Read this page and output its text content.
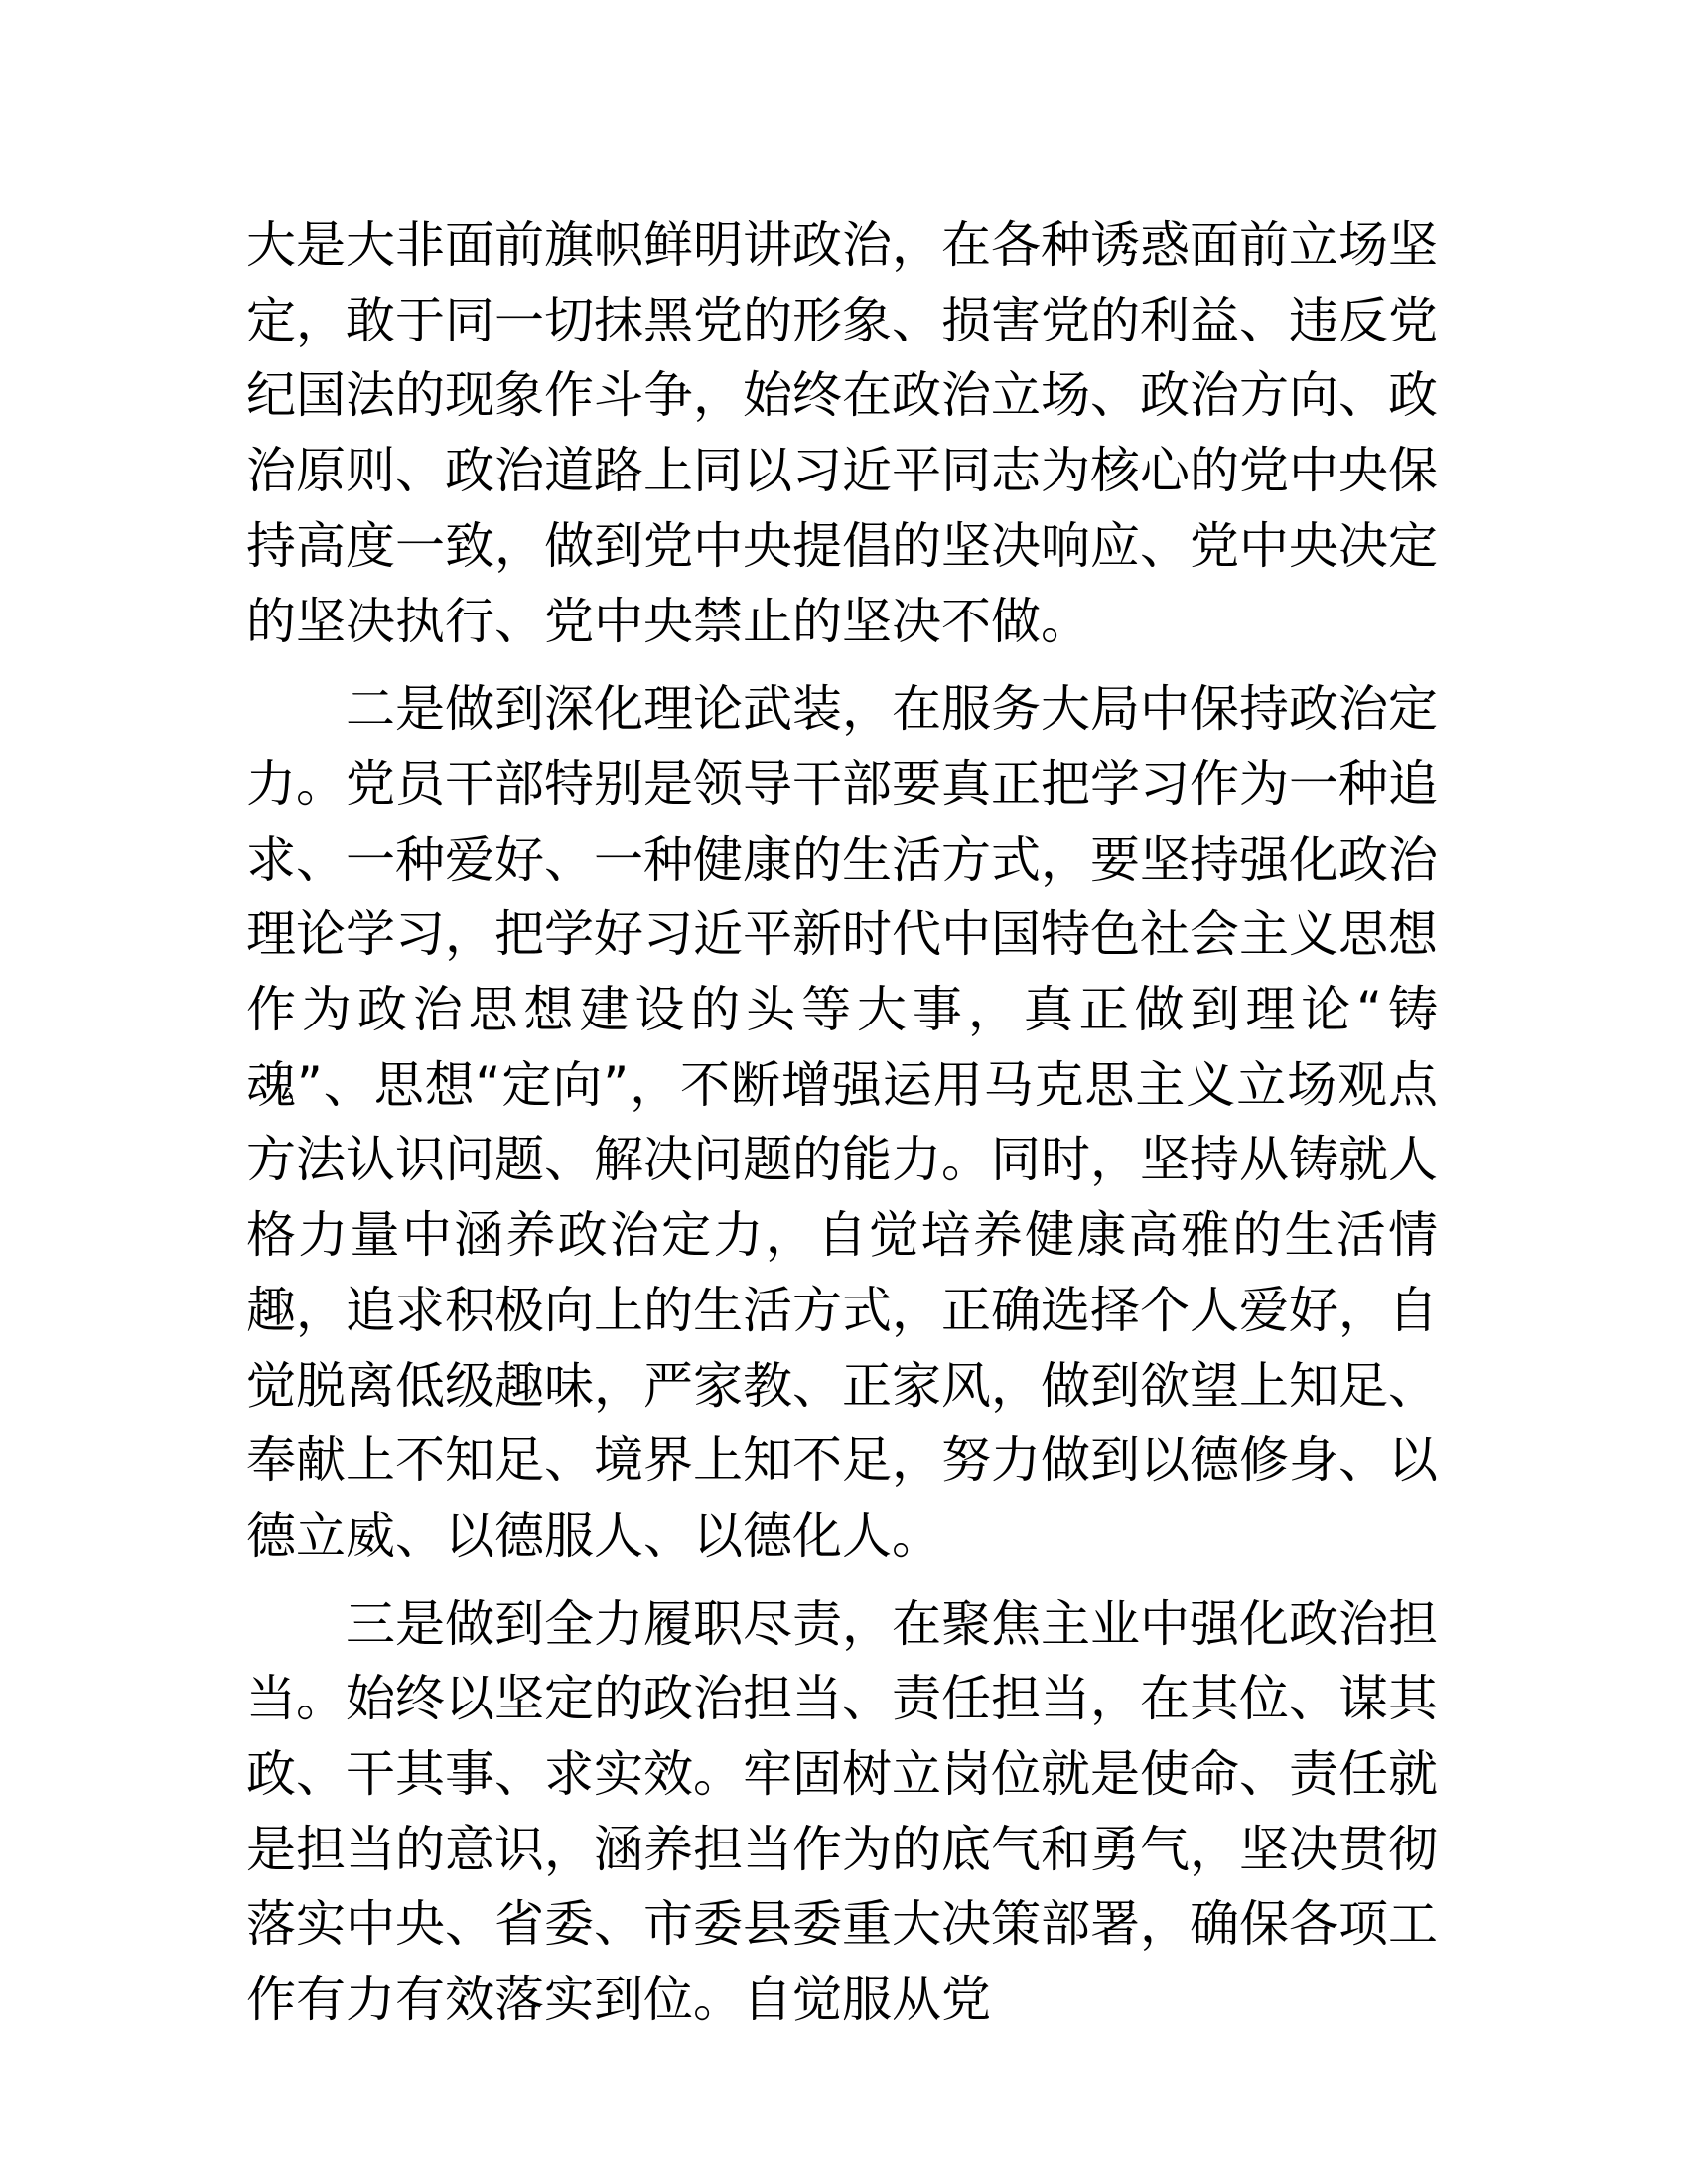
大是大非面前旗帜鲜明讲政治，在各种诱惑面前立场坚定，敢于同一切抹黑党的形象、损害党的利益、违反党纪国法的现象作斗争，始终在政治立场、政治方向、政治原则、政治道路上同以习近平同志为核心的党中央保持高度一致，做到党中央提倡的坚决响应、党中央决定的坚决执行、党中央禁止的坚决不做。

二是做到深化理论武装，在服务大局中保持政治定力。党员干部特别是领导干部要真正把学习作为一种追求、一种爱好、一种健康的生活方式，要坚持强化政治理论学习，把学好习近平新时代中国特色社会主义思想作为政治思想建设的头等大事，真正做到理论“铸魂”、思想“定向”，不断增强运用马克思主义立场观点方法认识问题、解决问题的能力。同时，坚持从铸就人格力量中涵养政治定力，自觉培养健康高雅的生活情趣，追求积极向上的生活方式，正确选择个人爱好，自觉脱离低级趣味，严家教、正家风，做到欲望上知足、奉献上不知足、境界上知不足，努力做到以德修身、以德立威、以德服人、以德化人。

三是做到全力履职尽责，在聚焦主业中强化政治担当。始终以坚定的政治担当、责任担当，在其位、谋其政、干其事、求实效。牢固树立岗位就是使命、责任就是担当的意识，涵养担当作为的底气和勇气，坚决贯彻落实中央、省委、市委县委重大决策部署，确保各项工作有力有效落实到位。自觉服从党
